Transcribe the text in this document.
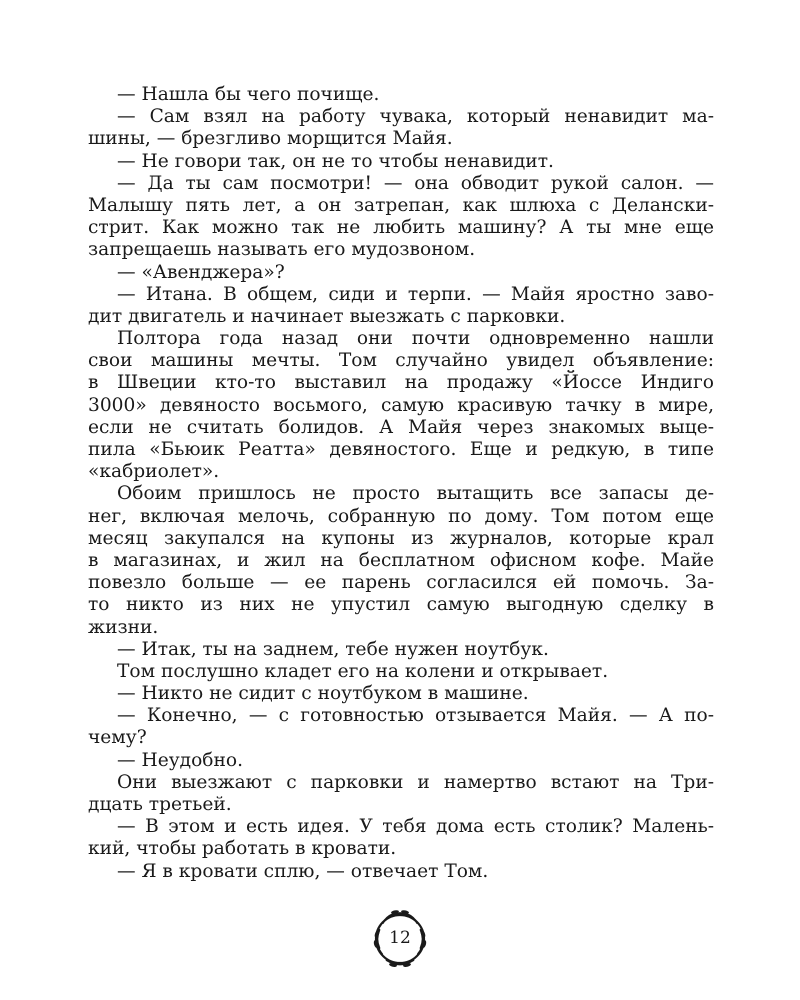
— Нашла бы чего почище.
— Сам взял на работу чувака, который ненавидит ма-
шины, — брезгливо морщится Майя.
— Не говори так, он не то чтобы ненавидит.
— Да ты сам посмотри! — она обводит рукой салон. —
Малышу пять лет, а он затрепан, как шлюха с Делански-
стрит. Как можно так не любить машину? А ты мне еще
запрещаешь называть его мудозвоном.
— «Авенджера»?
— Итана. В общем, сиди и терпи. — Майя яростно заво-
дит двигатель и начинает выезжать с парковки.
Полтора года назад они почти одновременно нашли
свои машины мечты. Том случайно увидел объявление:
в Швеции кто-то выставил на продажу «Йоссе Индиго
3000» девяносто восьмого, самую красивую тачку в мире,
если не считать болидов. А Майя через знакомых выце-
пила «Бьюик Реатта» девяностого. Еще и редкую, в типе
«кабриолет».
Обоим пришлось не просто вытащить все запасы де-
нег, включая мелочь, собранную по дому. Том потом еще
месяц закупался на купоны из журналов, которые крал
в магазинах, и жил на бесплатном офисном кофе. Майе
повезло больше — ее парень согласился ей помочь. За-
то никто из них не упустил самую выгодную сделку в
жизни.
— Итак, ты на заднем, тебе нужен ноутбук.
Том послушно кладет его на колени и открывает.
— Никто не сидит с ноутбуком в машине.
— Конечно, — с готовностью отзывается Майя. — А по-
чему?
— Неудобно.
Они выезжают с парковки и намертво встают на Три-
дцать третьей.
— В этом и есть идея. У тебя дома есть столик? Малень-
кий, чтобы работать в кровати.
— Я в кровати сплю, — отвечает Том.
12
